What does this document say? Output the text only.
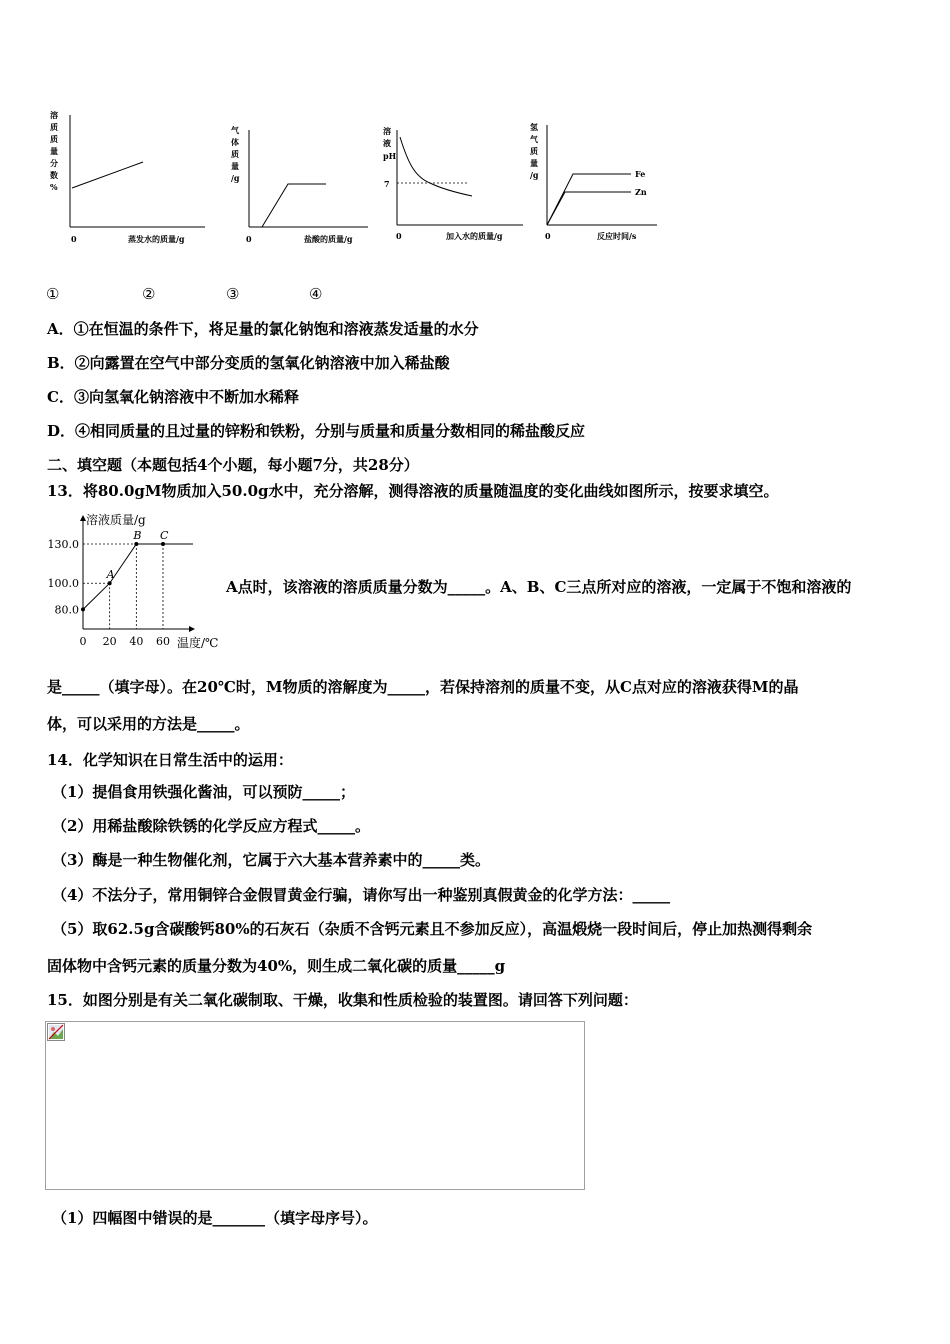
溶
质
质
量
分
数
%
0	蒸发水的质量/g
气
体
质
量
/g
0	盐酸的质量/g
溶
液
pH
7
0	加入水的质量/g
氢
气
质
量
/g	Fe
Zn
0	反应时间/s
①	②	③	④
A．①在恒温的条件下，将足量的氯化钠饱和溶液蒸发适量的水分
B．②向露置在空气中部分变质的氢氧化钠溶液中加入稀盐酸
C．③向氢氧化钠溶液中不断加水稀释
D．④相同质量的且过量的锌粉和铁粉，分别与质量和质量分数相同的稀盐酸反应
二、填空题（本题包括4个小题，每小题7分，共28分）
13．将80.0gM物质加入50.0g水中，充分溶解，测得溶液的质量随温度的变化曲线如图所示，按要求填空。
溶液质量/g
温度/℃
80.0
100.0
130.0
0 20 40 60
A
B C
A点时，该溶液的溶质质量分数为_____。A、B、C三点所对应的溶液，一定属于不饱和溶液的
是_____（填字母）。在20℃时，M物质的溶解度为_____，若保持溶剂的质量不变，从C点对应的溶液获得M的晶
体，可以采用的方法是_____。
14．化学知识在日常生活中的运用：
（1）提倡食用铁强化酱油，可以预防_____；
（2）用稀盐酸除铁锈的化学反应方程式_____。
（3）酶是一种生物催化剂，它属于六大基本营养素中的_____类。
（4）不法分子，常用铜锌合金假冒黄金行骗，请你写出一种鉴别真假黄金的化学方法：_____
（5）取62.5g含碳酸钙80%的石灰石（杂质不含钙元素且不参加反应），高温煅烧一段时间后，停止加热测得剩余
固体物中含钙元素的质量分数为40%，则生成二氧化碳的质量_____g
15．如图分别是有关二氧化碳制取、干燥，收集和性质检验的装置图。请回答下列问题：
（1）四幅图中错误的是_______（填字母序号）。
